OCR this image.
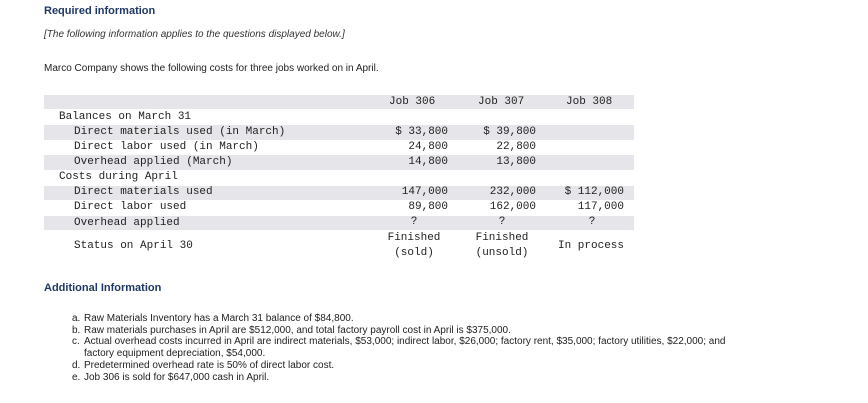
Required information
[The following information applies to the questions displayed below.]
Marco Company shows the following costs for three jobs worked on in April.
Job 306	Job 307	Job 308
Balances on March 31
Direct materials used (in March)
Direct labor used (in March)
Overhead applied (March)
Costs during April
Direct materials used
Direct labor used
Overhead applied
Status on April 30
$ 33,800
24,800
14,800
147,000
89,800
?
Finished
(sold)
$ 39,800
22,800
13,800
232,000
162,000
?
Finished
(unsold)
$ 112,000
117,000
?
In process
Additional Information
a. Raw Materials Inventory has a March 31 balance of $84,800.
b. Raw materials purchases in April are $512,000, and total factory payroll cost in April is $375,000.
c. Actual overhead costs incurred in April are indirect materials, $53,000; indirect labor, $26,000; factory rent, $35,000; factory utilities, $22,000; and
factory equipment depreciation, $54,000.
d. Predetermined overhead rate is 50% of direct labor cost.
e. Job 306 is sold for $647,000 cash in April.
